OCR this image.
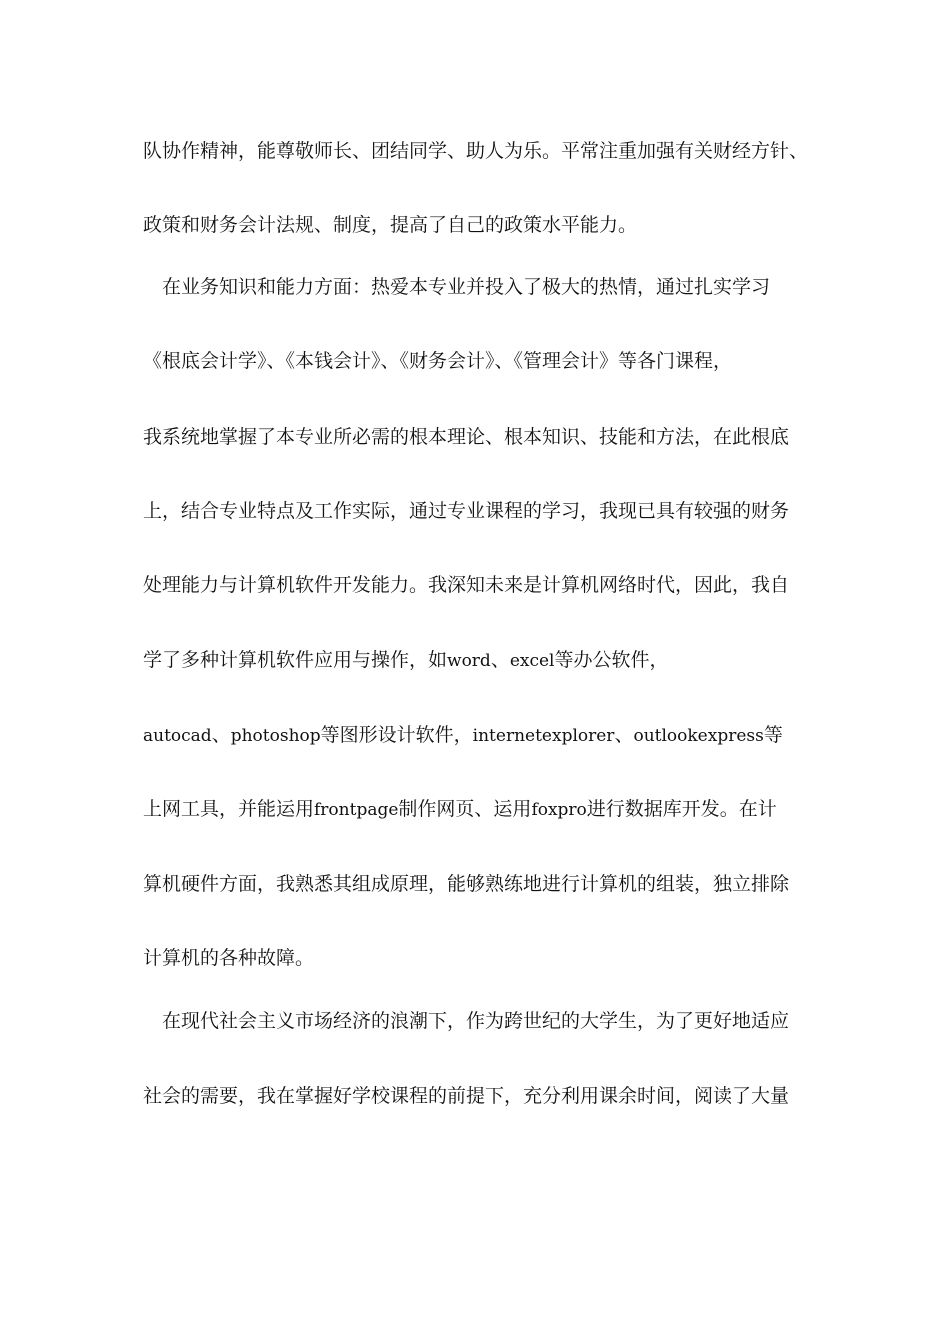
队协作精神，能尊敬师长、团结同学、助人为乐。平常注重加强有关财经方针、
政策和财务会计法规、制度，提高了自己的政策水平能力。
在业务知识和能力方面：热爱本专业并投入了极大的热情，通过扎实学习
《根底会计学》、《本钱会计》、《财务会计》、《管理会计》等各门课程，
我系统地掌握了本专业所必需的根本理论、根本知识、技能和方法，在此根底
上，结合专业特点及工作实际，通过专业课程的学习，我现已具有较强的财务
处理能力与计算机软件开发能力。我深知未来是计算机网络时代，因此，我自
学了多种计算机软件应用与操作，如word、excel等办公软件，
autocad、photoshop等图形设计软件，internetexplorer、outlookexpress等
上网工具，并能运用frontpage制作网页、运用foxpro进行数据库开发。在计
算机硬件方面，我熟悉其组成原理，能够熟练地进行计算机的组装，独立排除
计算机的各种故障。
在现代社会主义市场经济的浪潮下，作为跨世纪的大学生，为了更好地适应
社会的需要，我在掌握好学校课程的前提下，充分利用课余时间，阅读了大量
